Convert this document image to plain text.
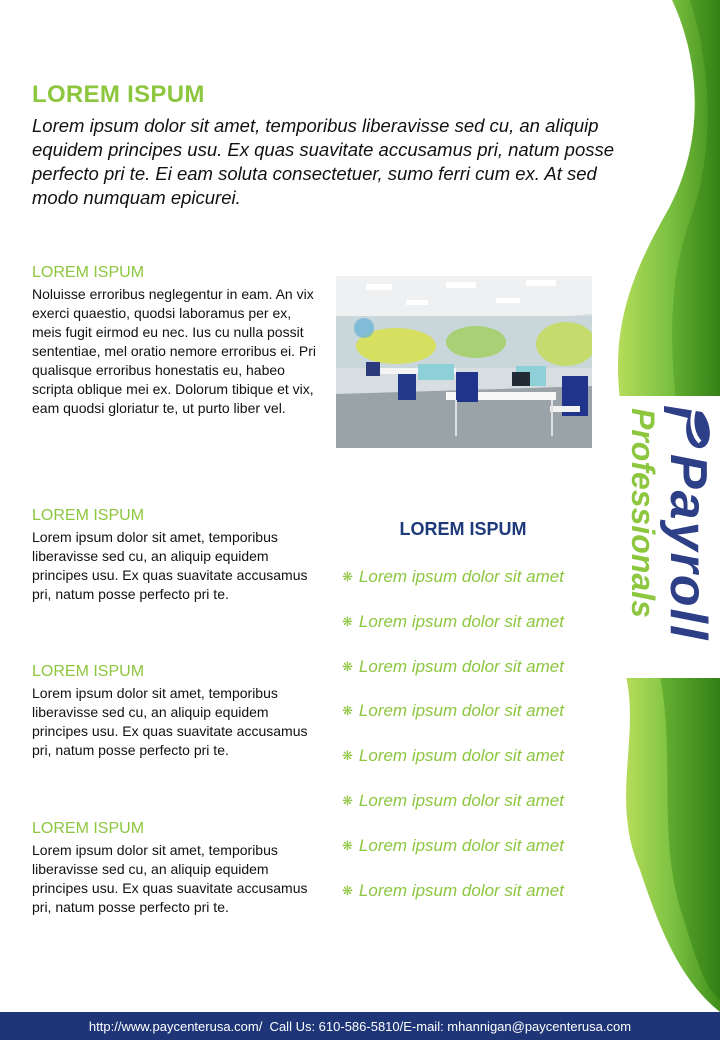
LOREM ISPUM

Lorem ipsum dolor sit amet, temporibus liberavisse sed cu, an aliquip equidem principes usu. Ex quas suavitate accusamus pri, natum posse perfecto pri te. Ei eam soluta consectetuer, sumo ferri cum ex. At sed modo numquam epicurei.

LOREM ISPUM

Noluisse erroribus neglegentur in eam. An vix exerci quaestio, quodsi laboramus per ex, meis fugit eirmod eu nec. Ius cu nulla possit sententiae, mel oratio nemore erroribus ei. Pri qualisque erroribus honestatis eu, habeo scripta oblique mei ex. Dolorum tibique et vix, eam quodsi gloriatur te, ut purto liber vel.

LOREM ISPUM

Lorem ipsum dolor sit amet, temporibus liberavisse sed cu, an aliquip equidem principes usu. Ex quas suavitate accusamus pri, natum posse perfecto pri te.

LOREM ISPUM

Lorem ipsum dolor sit amet, temporibus liberavisse sed cu, an aliquip equidem principes usu. Ex quas suavitate accusamus pri, natum posse perfecto pri te.

LOREM ISPUM

Lorem ipsum dolor sit amet, temporibus liberavisse sed cu, an aliquip equidem principes usu. Ex quas suavitate accusamus pri, natum posse perfecto pri te.

LOREM ISPUM
❋ Lorem ipsum dolor sit amet
❋ Lorem ipsum dolor sit amet
❋ Lorem ipsum dolor sit amet
❋ Lorem ipsum dolor sit amet
❋ Lorem ipsum dolor sit amet
❋ Lorem ipsum dolor sit amet
❋ Lorem ipsum dolor sit amet
❋ Lorem ipsum dolor sit amet
Payroll
Professionals
http://www.paycenterusa.com/  Call Us: 610-586-5810/E-mail: mhannigan@paycenterusa.com
